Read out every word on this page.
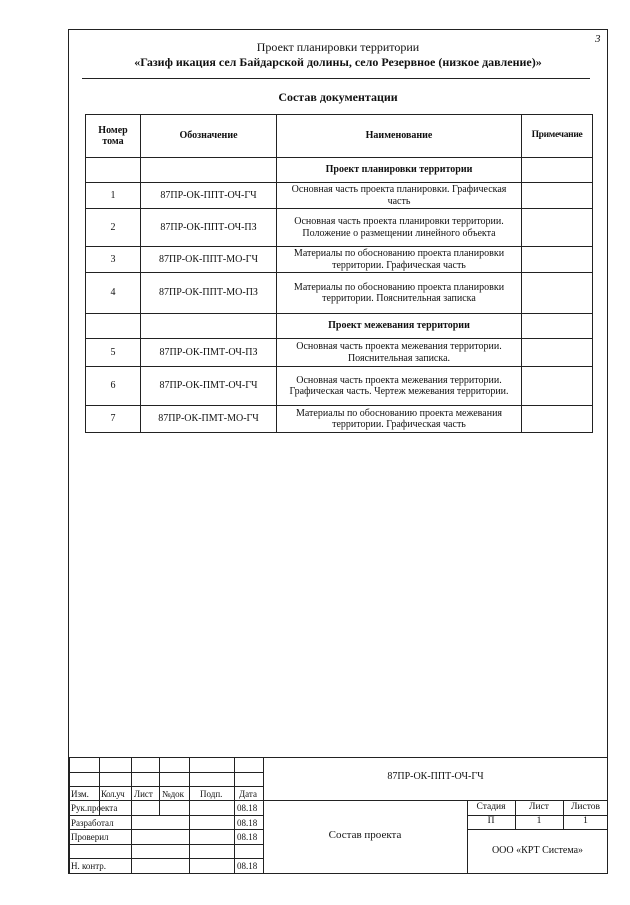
3
Проект планировки территории
«Газиф икация сел Байдарской долины, село Резервное (низкое давление)»
Состав документации
Номер тома	Обозначение	Наименование	Примечание
		Проект планировки территории	
1	87ПР-ОК-ППТ-ОЧ-ГЧ	Основная часть проекта планировки. Графическая часть	
2	87ПР-ОК-ППТ-ОЧ-ПЗ	Основная часть проекта планировки территории. Положение о размещении линейного объекта	
3	87ПР-ОК-ППТ-МО-ГЧ	Материалы по обоснованию проекта планировки территории. Графическая часть	
4	87ПР-ОК-ППТ-МО-ПЗ	Материалы по обоснованию проекта планировки территории. Пояснительная записка	
		Проект межевания территории	
5	87ПР-ОК-ПМТ-ОЧ-ПЗ	Основная часть проекта межевания территории. Пояснительная записка.	
6	87ПР-ОК-ПМТ-ОЧ-ГЧ	Основная часть проекта межевания территории. Графическая часть. Чертеж межевания территории.	
7	87ПР-ОК-ПМТ-МО-ГЧ	Материалы по обоснованию проекта межевания территории. Графическая часть	
Изм. Кол.уч Лист №док Подп. Дата
Рук.проекта	08.18
Разработал	08.18
Проверил	08.18
Н. контр.	08.18
87ПР-ОК-ППТ-ОЧ-ГЧ
Состав проекта
Стадия	Лист	Листов
П	1	1
ООО «КРТ Система»
